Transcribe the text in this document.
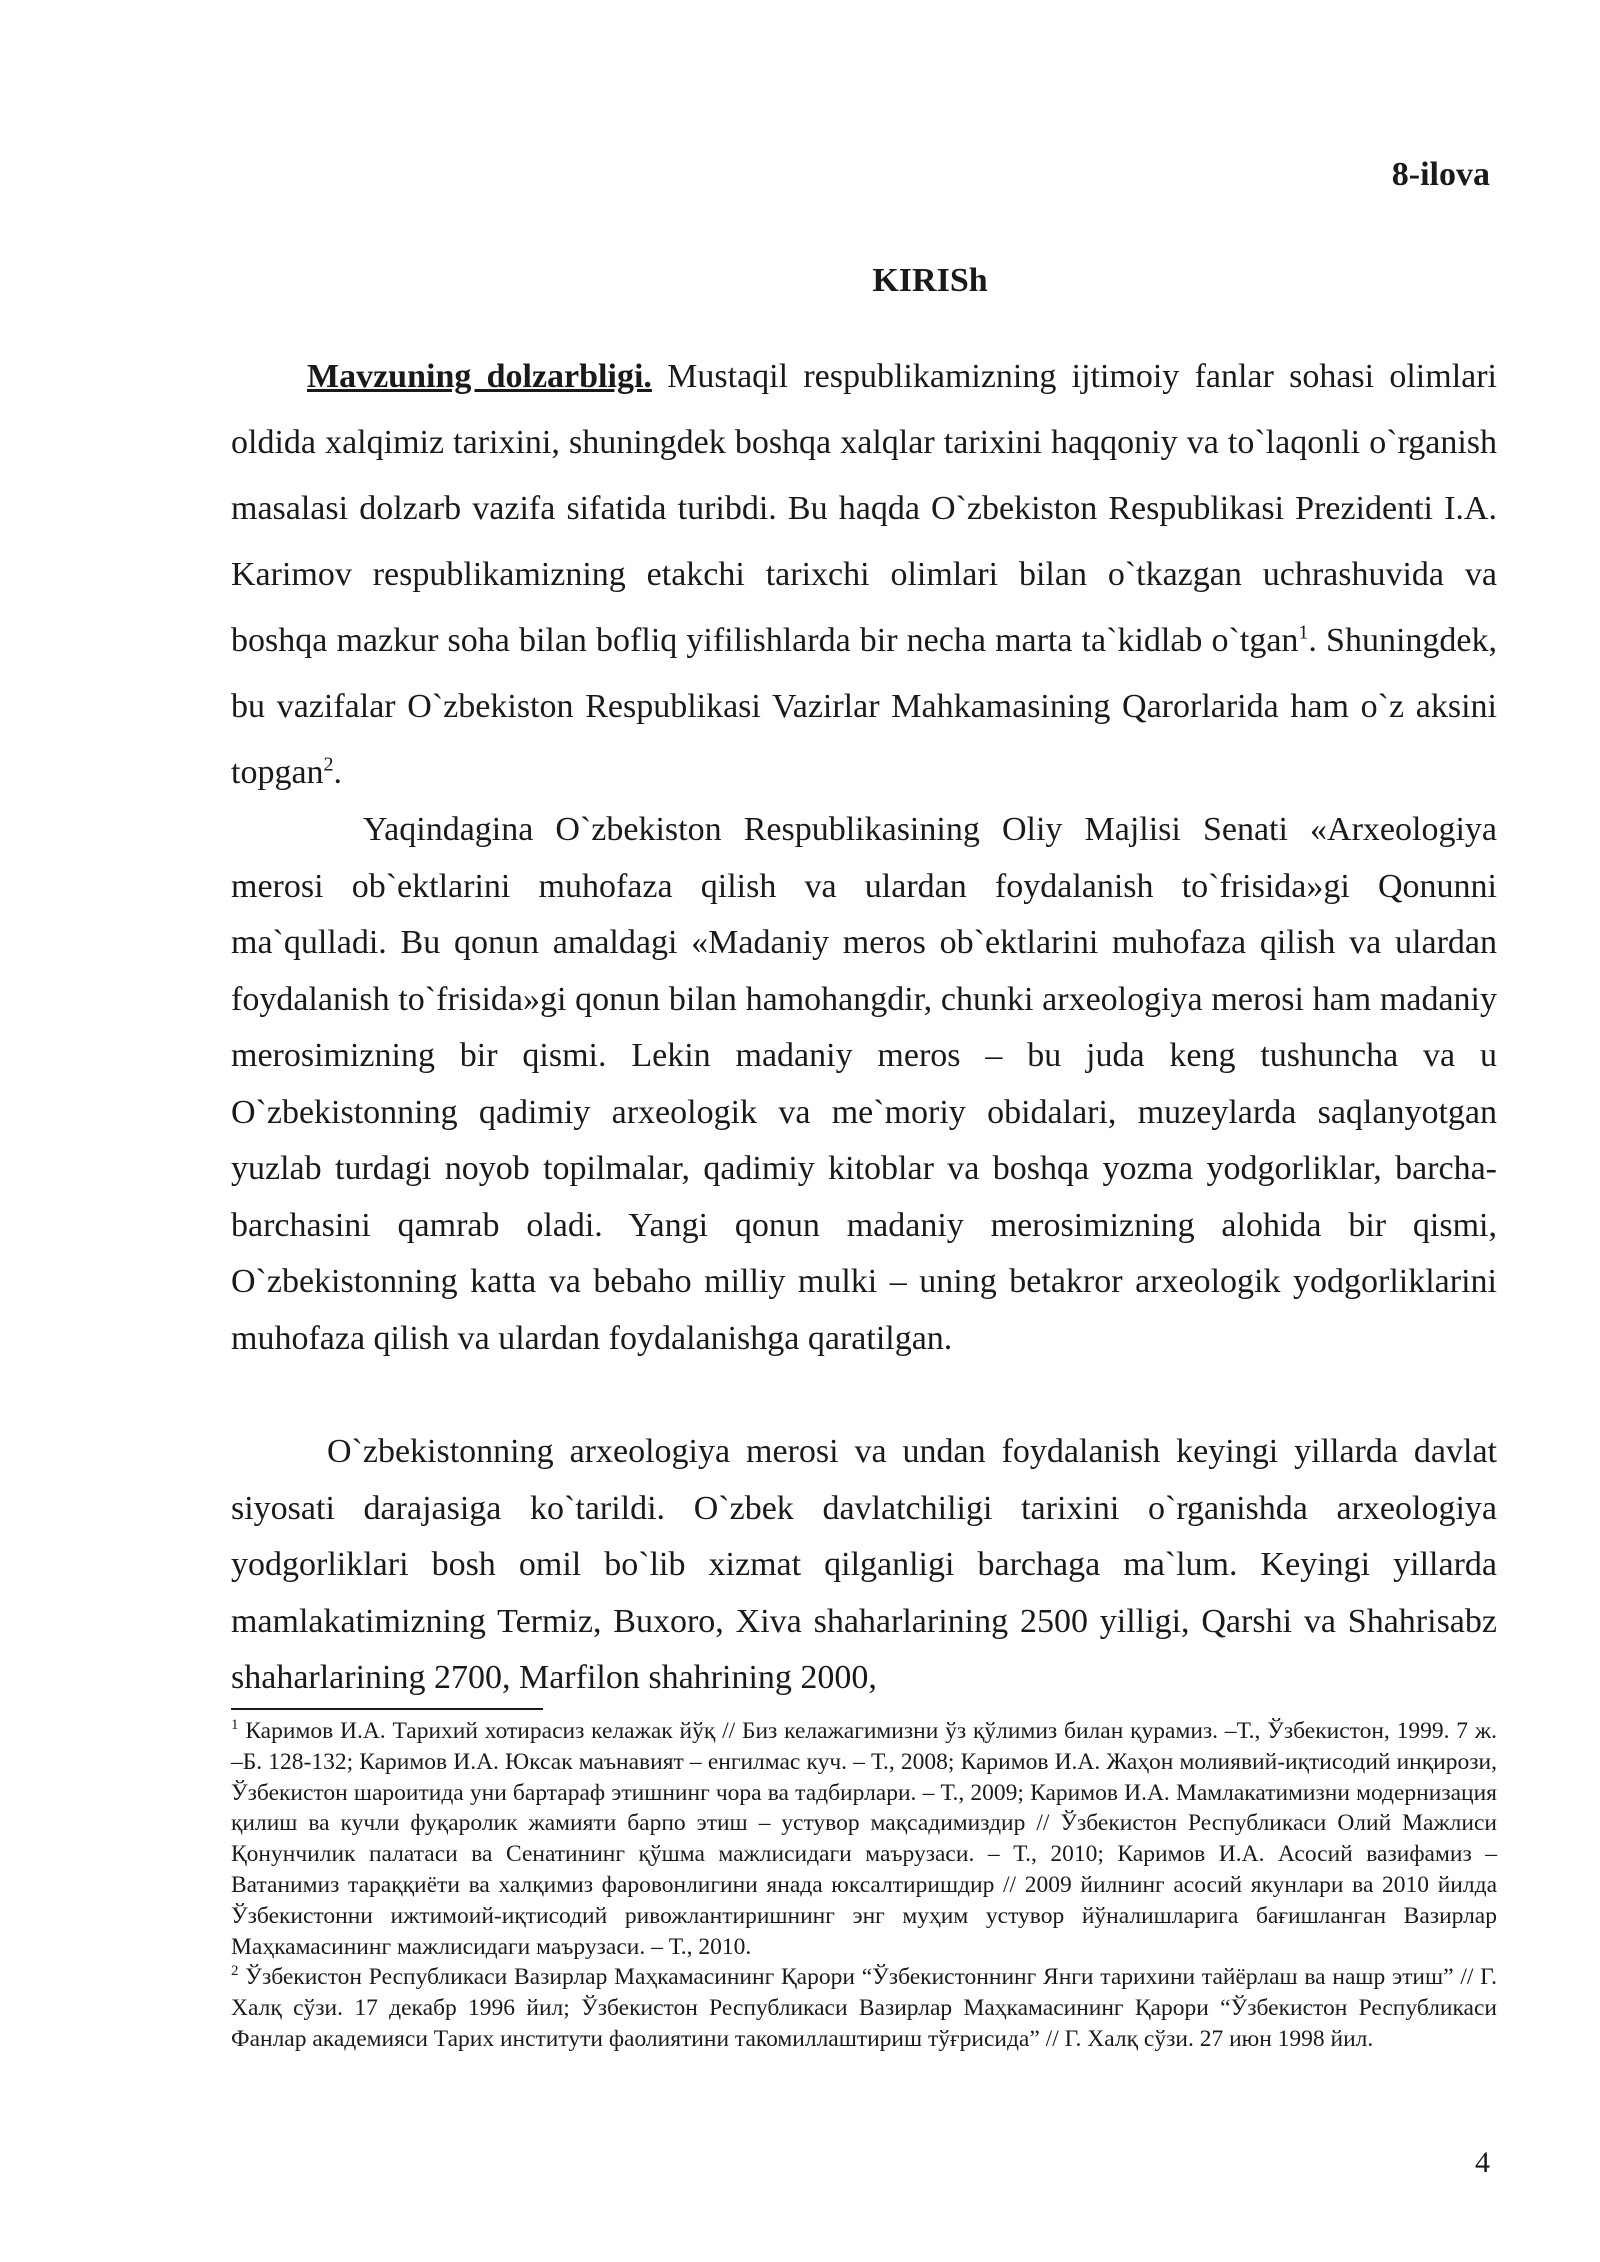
8-ilova
KIRISh

Mavzuning dolzarbligi. Mustaqil respublikamizning ijtimoiy fanlar sohasi olimlari oldida xalqimiz tarixini, shuningdek boshqa xalqlar tarixini haqqoniy va to`laqonli o`rganish masalasi dolzarb vazifa sifatida turibdi. Bu haqda O`zbekiston Respublikasi Prezidenti I.A. Karimov respublikamizning etakchi tarixchi olimlari bilan o`tkazgan uchrashuvida va boshqa mazkur soha bilan bofliq yifilishlarda bir necha marta ta`kidlab o`tgan$^1$. Shuningdek, bu vazifalar O`zbekiston Respublikasi Vazirlar Mahkamasining Qarorlarida ham o`z aksini topgan$^2$.

Yaqindagina O`zbekiston Respublikasining Oliy Majlisi Senati «Arxeologiya merosi ob`ektlarini muhofaza qilish va ulardan foydalanish to`frisida»gi Qonunni ma`qulladi. Bu qonun amaldagi «Madaniy meros ob`ektlarini muhofaza qilish va ulardan foydalanish to`frisida»gi qonun bilan hamohangdir, chunki arxeologiya merosi ham madaniy merosimizning bir qismi. Lekin madaniy meros – bu juda keng tushuncha va u O`zbekistonning qadimiy arxeologik va me`moriy obidalari, muzeylarda saqlanyotgan yuzlab turdagi noyob topilmalar, qadimiy kitoblar va boshqa yozma yodgorliklar, barcha-barchasini qamrab oladi. Yangi qonun madaniy merosimizning alohida bir qismi, O`zbekistonning katta va bebaho milliy mulki – uning betakror arxeologik yodgorliklarini muhofaza qilish va ulardan foydalanishga qaratilgan.

O`zbekistonning arxeologiya merosi va undan foydalanish keyingi yillarda davlat siyosati darajasiga ko`tarildi. O`zbek davlatchiligi tarixini o`rganishda arxeologiya yodgorliklari bosh omil bo`lib xizmat qilganligi barchaga ma`lum. Keyingi yillarda mamlakatimizning Termiz, Buxoro, Xiva shaharlarining 2500 yilligi, Qarshi va Shahrisabz shaharlarining 2700, Marfilon shahrining 2000,

$^1$ Каримов И.А. Тарихий хотирасиз келажак йўқ // Биз келажагимизни ўз қўлимиз билан қурамиз. –Т., Ўзбекистон, 1999. 7 ж. –Б. 128-132; Каримов И.А. Юксак маънавият – енгилмас куч. – Т., 2008; Каримов И.А. Жаҳон молиявий-иқтисодий инқирози, Ўзбекистон шароитида уни бартараф этишнинг чора ва тадбирлари. – Т., 2009; Каримов И.А. Мамлакатимизни модернизация қилиш ва кучли фуқаролик жамияти барпо этиш – устувор мақсадимиздир // Ўзбекистон Республикаси Олий Мажлиси Қонунчилик палатаси ва Сенатининг қўшма мажлисидаги маърузаси. – Т., 2010; Каримов И.А. Асосий вазифамиз – Ватанимиз тараққиёти ва халқимиз фаровонлигини янада юксалтиришдир // 2009 йилнинг асосий якунлари ва 2010 йилда Ўзбекистонни ижтимоий-иқтисодий ривожлантиришнинг энг муҳим устувор йўналишларига бағишланган Вазирлар Маҳкамасининг мажлисидаги маърузаси. – Т., 2010.

$^2$ Ўзбекистон Республикаси Вазирлар Маҳкамасининг Қарори “Ўзбекистоннинг Янги тарихини тайёрлаш ва нашр этиш” // Г. Халқ сўзи. 17 декабр 1996 йил; Ўзбекистон Республикаси Вазирлар Маҳкамасининг Қарори “Ўзбекистон Республикаси Фанлар академияси Тарих институти фаолиятини такомиллаштириш тўғрисида” // Г. Халқ сўзи. 27 июн 1998 йил.

4
